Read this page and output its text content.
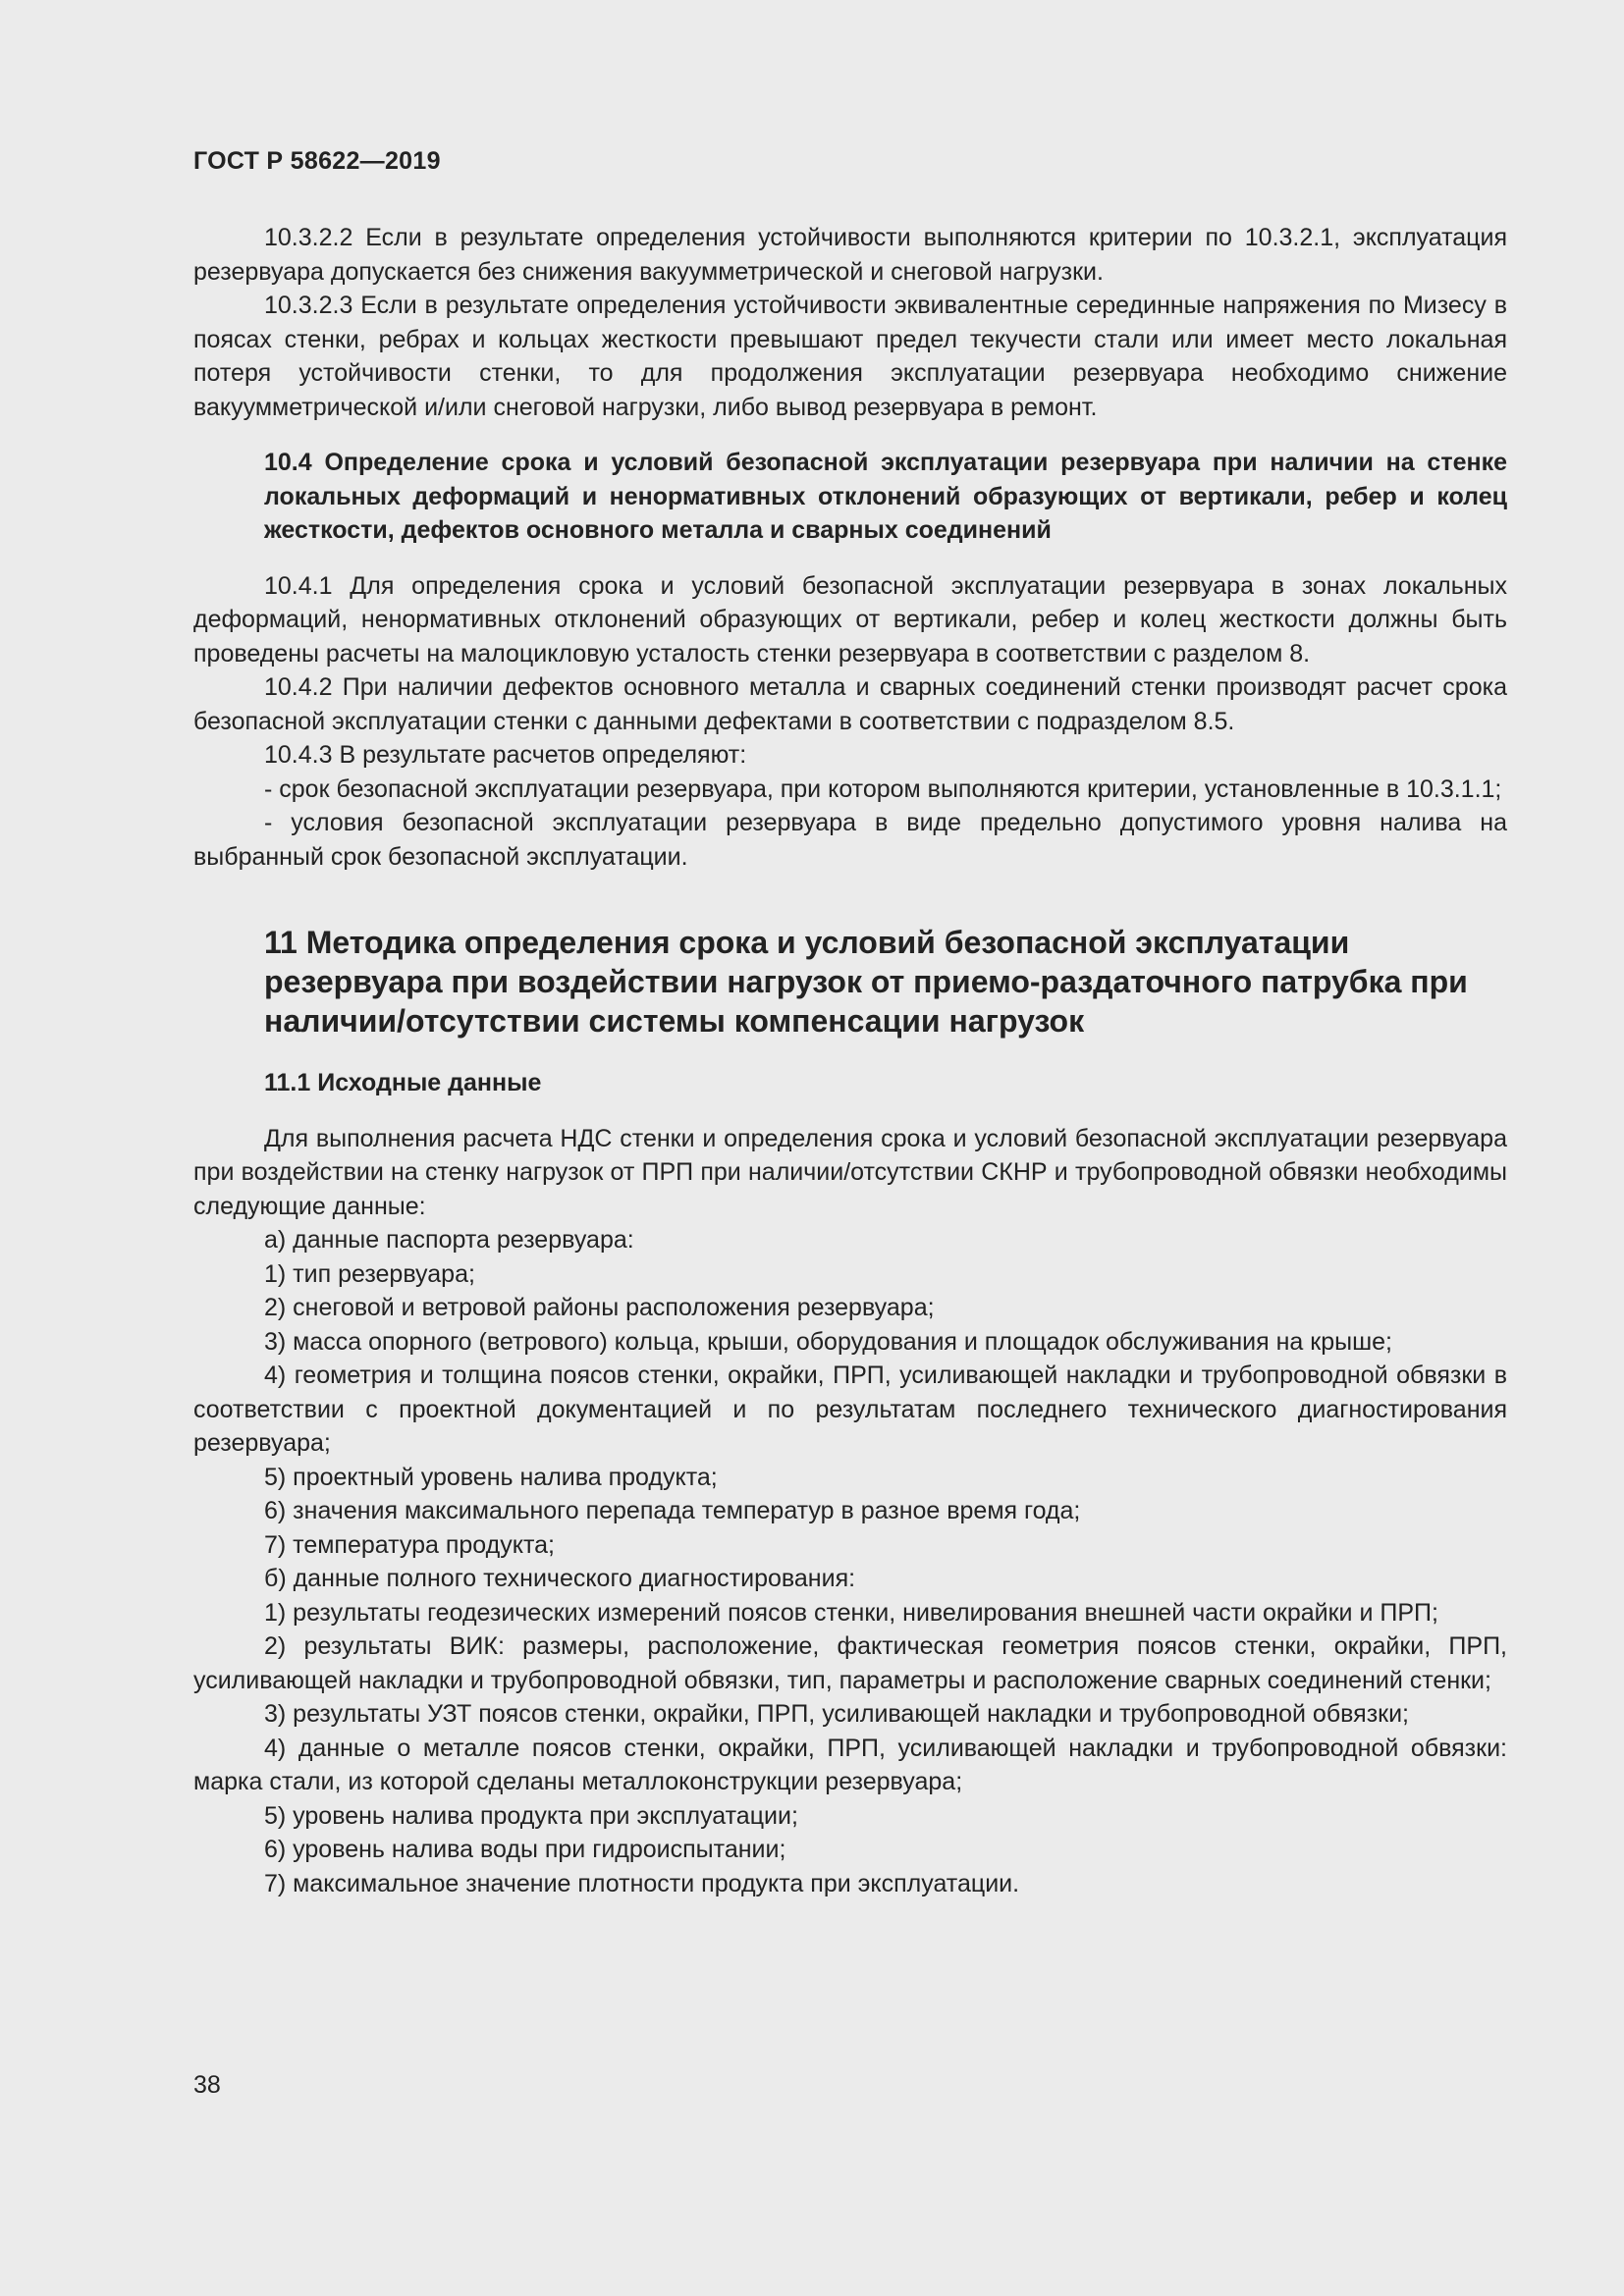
ГОСТ Р 58622—2019

10.3.2.2 Если в результате определения устойчивости выполняются критерии по 10.3.2.1, эксплуатация резервуара допускается без снижения вакуумметрической и снеговой нагрузки.

10.3.2.3 Если в результате определения устойчивости эквивалентные серединные напряжения по Мизесу в поясах стенки, ребрах и кольцах жесткости превышают предел текучести стали или имеет место локальная потеря устойчивости стенки, то для продолжения эксплуатации резервуара необходимо снижение вакуумметрической и/или снеговой нагрузки, либо вывод резервуара в ремонт.

10.4 Определение срока и условий безопасной эксплуатации резервуара при наличии на стенке локальных деформаций и ненормативных отклонений образующих от вертикали, ребер и колец жесткости, дефектов основного металла и сварных соединений

10.4.1 Для определения срока и условий безопасной эксплуатации резервуара в зонах локальных деформаций, ненормативных отклонений образующих от вертикали, ребер и колец жесткости должны быть проведены расчеты на малоцикловую усталость стенки резервуара в соответствии с разделом 8.

10.4.2 При наличии дефектов основного металла и сварных соединений стенки производят расчет срока безопасной эксплуатации стенки с данными дефектами в соответствии с подразделом 8.5.

10.4.3 В результате расчетов определяют:

- срок безопасной эксплуатации резервуара, при котором выполняются критерии, установленные в 10.3.1.1;

- условия безопасной эксплуатации резервуара в виде предельно допустимого уровня налива на выбранный срок безопасной эксплуатации.

11 Методика определения срока и условий безопасной эксплуатации резервуара при воздействии нагрузок от приемо-раздаточного патрубка при наличии/отсутствии системы компенсации нагрузок

11.1 Исходные данные

Для выполнения расчета НДС стенки и определения срока и условий безопасной эксплуатации резервуара при воздействии на стенку нагрузок от ПРП при наличии/отсутствии СКНР и трубопроводной обвязки необходимы следующие данные:

а) данные паспорта резервуара:

1) тип резервуара;

2) снеговой и ветровой районы расположения резервуара;

3) масса опорного (ветрового) кольца, крыши, оборудования и площадок обслуживания на крыше;

4) геометрия и толщина поясов стенки, окрайки, ПРП, усиливающей накладки и трубопроводной обвязки в соответствии с проектной документацией и по результатам последнего технического диагностирования резервуара;

5) проектный уровень налива продукта;

6) значения максимального перепада температур в разное время года;

7) температура продукта;

б) данные полного технического диагностирования:

1) результаты геодезических измерений поясов стенки, нивелирования внешней части окрайки и ПРП;

2) результаты ВИК: размеры, расположение, фактическая геометрия поясов стенки, окрайки, ПРП, усиливающей накладки и трубопроводной обвязки, тип, параметры и расположение сварных соединений стенки;

3) результаты УЗТ поясов стенки, окрайки, ПРП, усиливающей накладки и трубопроводной обвязки;

4) данные о металле поясов стенки, окрайки, ПРП, усиливающей накладки и трубопроводной обвязки: марка стали, из которой сделаны металлоконструкции резервуара;

5) уровень налива продукта при эксплуатации;

6) уровень налива воды при гидроиспытании;

7) максимальное значение плотности продукта при эксплуатации.

38
